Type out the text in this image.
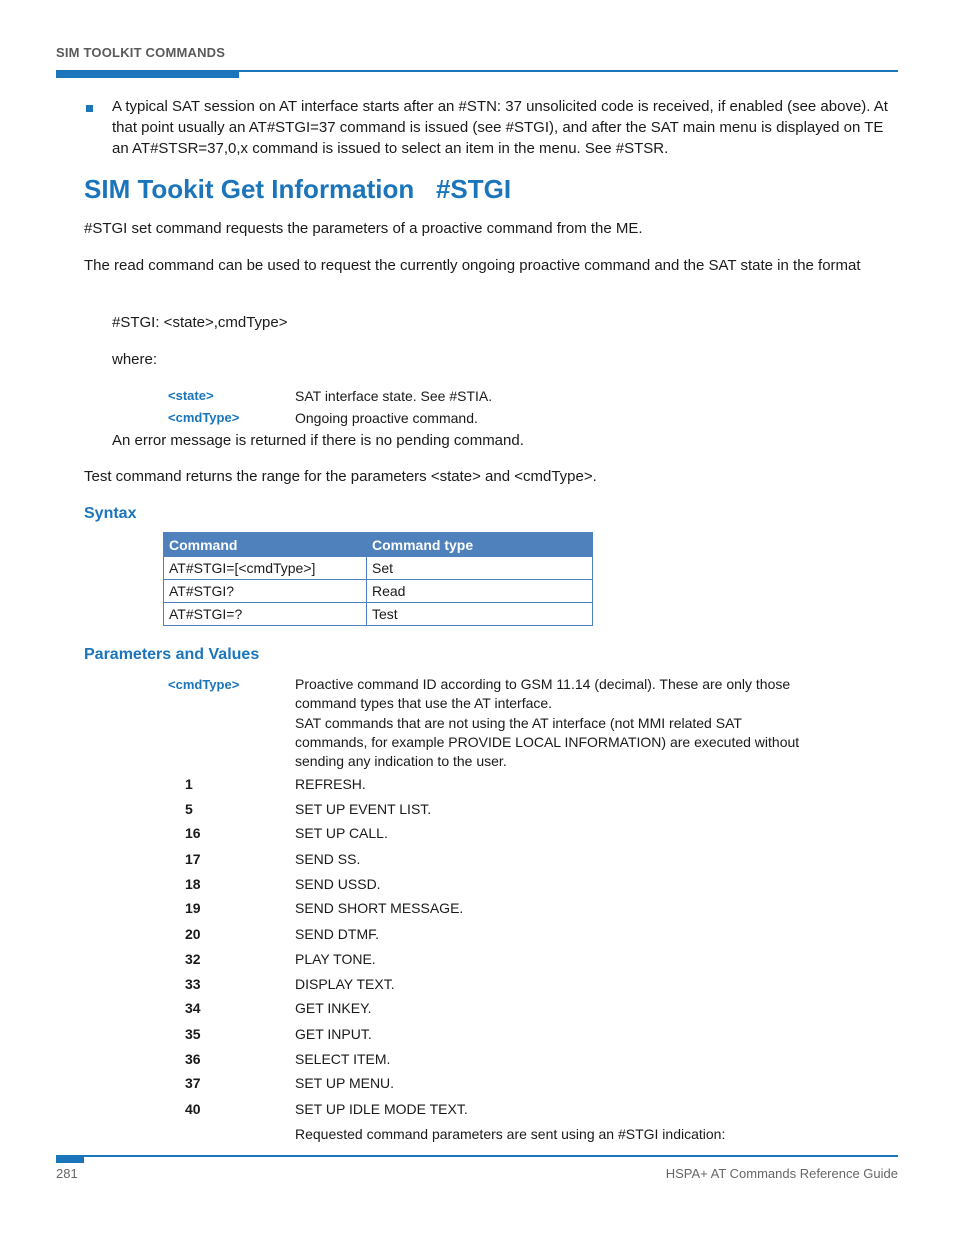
SIM TOOLKIT COMMANDS
A typical SAT session on AT interface starts after an #STN: 37 unsolicited code is received, if enabled (see above). At that point usually an AT#STGI=37 command is issued (see #STGI), and after the SAT main menu is displayed on TE an AT#STSR=37,0,x command is issued to select an item in the menu. See #STSR.
SIM Tookit Get Information   #STGI
#STGI set command requests the parameters of a proactive command from the ME.
The read command can be used to request the currently ongoing proactive command and the SAT state in the format
#STGI: <state>,cmdType>
where:
<state>	SAT interface state. See #STIA.
<cmdType>	Ongoing proactive command.
An error message is returned if there is no pending command.
Test command returns the range for the parameters <state> and <cmdType>.
Syntax
Command	Command type
AT#STGI=[<cmdType>]	Set
AT#STGI?	Read
AT#STGI=?	Test
Parameters and Values
<cmdType>	Proactive command ID according to GSM 11.14 (decimal). These are only those command types that use the AT interface.
SAT commands that are not using the AT interface (not MMI related SAT commands, for example PROVIDE LOCAL INFORMATION) are executed without sending any indication to the user.
1	REFRESH.
5	SET UP EVENT LIST.
16	SET UP CALL.
17	SEND SS.
18	SEND USSD.
19	SEND SHORT MESSAGE.
20	SEND DTMF.
32	PLAY TONE.
33	DISPLAY TEXT.
34	GET INKEY.
35	GET INPUT.
36	SELECT ITEM.
37	SET UP MENU.
40	SET UP IDLE MODE TEXT.
Requested command parameters are sent using an #STGI indication:
281	HSPA+ AT Commands Reference Guide
